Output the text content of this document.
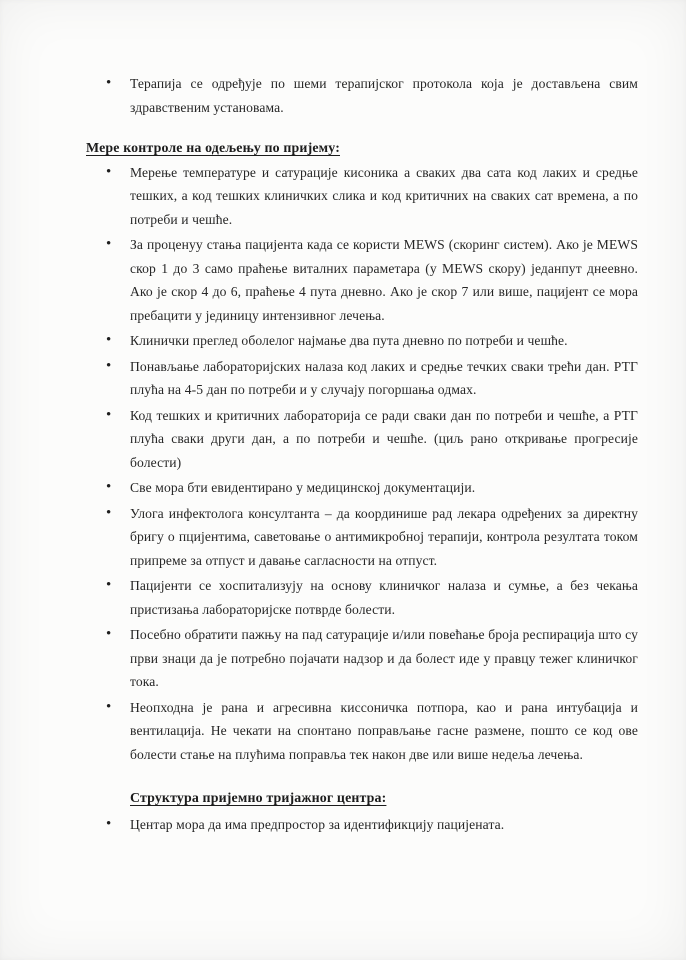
• Терапија се одређује по шеми терапијског протокола која је достављена свим здравственим установама.
Мере контроле на одељењу по пријему:
• Мерење температуре и сатурације кисоника а сваких два сата код лаких и средње тешких, а код тешких клиничких слика и код критичних на сваких сат времена, а по потреби и чешће.
• За проценуу стања пацијента када се користи MEWS (скоринг систем). Ако је MEWS скор 1 до 3 само праћење виталних параметара (у MEWS скору) једанпут днеевно. Ако је скор 4 до 6, праћење 4 пута дневно. Ако је скор 7 или више, пацијент се мора пребацити у јединицу интензивног лечења.
• Клинички преглед оболелог најмање два пута дневно по потреби и чешће.
• Понављање лабораторијских налаза код лаких и средње течких сваки трећи дан. РТГ плућа на 4-5 дан по потреби и у случају погоршања одмах.
• Код тешких и критичних лабораторија се ради сваки дан по потреби и чешће, а РТГ плућа сваки други дан, а по потреби и чешће. (циљ рано откривање прогресије болести)
• Све мора бти евидентирано у медицинској документацији.
• Улога инфектолога консултанта – да координише рад лекара одређених за директну бригу о пцијентима, саветовање о антимикробној терапији, контрола резултата током припреме за отпуст и давање сагласности на отпуст.
• Пацијенти се хоспитализују на основу клиничког налаза и сумње, а без чекања пристизања лабораторијске потврде болести.
• Посебно обратити пажњу на пад сатурације и/или повећање броја респирација што су први знаци да је потребно појачати надзор и да болест иде у правцу тежег клиничког тока.
• Неопходна је рана и агресивна киссоничка потпора, као и рана интубација и вентилација. Не чекати на спонтано поправљање гасне размене, пошто се код ове болести стање на плућима поправља тек након две или више недеља лечења.
Структура пријемно тријажног центра:
• Центар мора да има предпростор за идентификцију пацијената.
